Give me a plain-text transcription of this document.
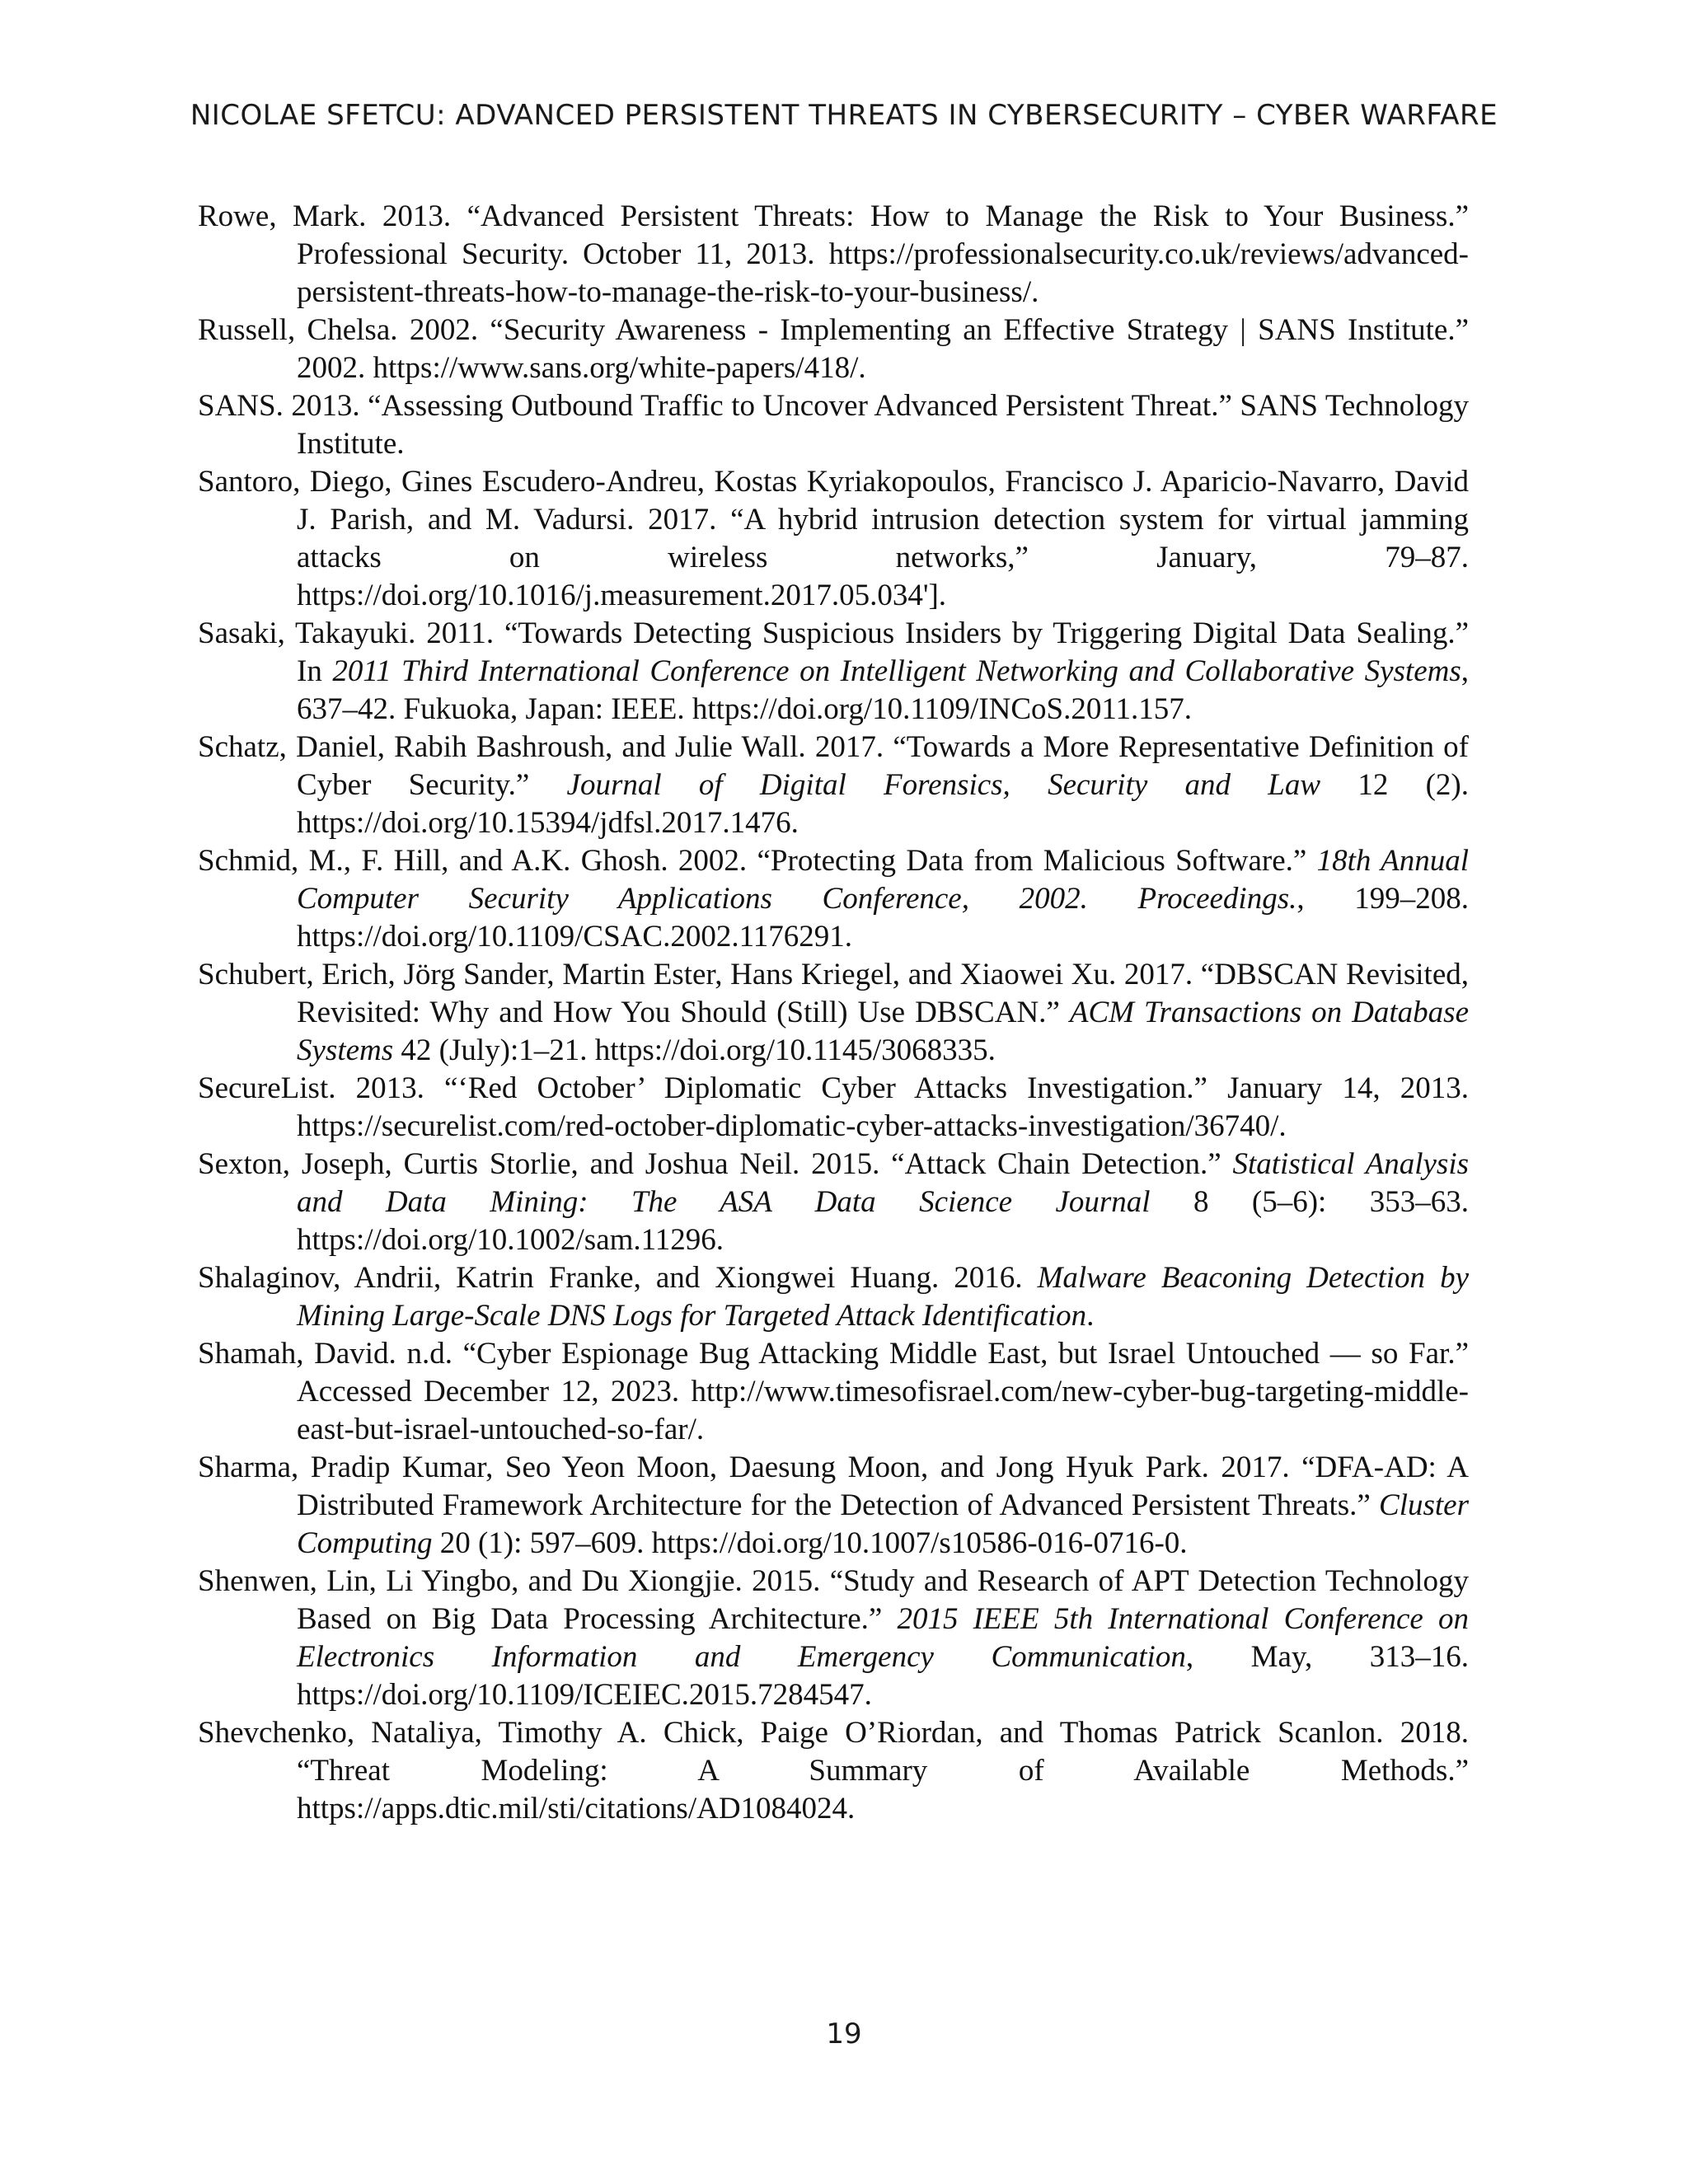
NICOLAE SFETCU: ADVANCED PERSISTENT THREATS IN CYBERSECURITY – CYBER WARFARE

Rowe, Mark. 2013. “Advanced Persistent Threats: How to Manage the Risk to Your Business.” Professional Security. October 11, 2013. https://professionalsecurity.co.uk/reviews/advanced-persistent-threats-how-to-manage-the-risk-to-your-business/.

Russell, Chelsa. 2002. “Security Awareness - Implementing an Effective Strategy | SANS Institute.” 2002. https://www.sans.org/white-papers/418/.

SANS. 2013. “Assessing Outbound Traffic to Uncover Advanced Persistent Threat.” SANS Technology Institute.

Santoro, Diego, Gines Escudero-Andreu, Kostas Kyriakopoulos, Francisco J. Aparicio-Navarro, David J. Parish, and M. Vadursi. 2017. “A hybrid intrusion detection system for virtual jamming attacks on wireless networks,” January, 79–87. https://doi.org/10.1016/j.measurement.2017.05.034'].

Sasaki, Takayuki. 2011. “Towards Detecting Suspicious Insiders by Triggering Digital Data Sealing.” In 2011 Third International Conference on Intelligent Networking and Collaborative Systems, 637–42. Fukuoka, Japan: IEEE. https://doi.org/10.1109/INCoS.2011.157.

Schatz, Daniel, Rabih Bashroush, and Julie Wall. 2017. “Towards a More Representative Definition of Cyber Security.” Journal of Digital Forensics, Security and Law 12 (2). https://doi.org/10.15394/jdfsl.2017.1476.

Schmid, M., F. Hill, and A.K. Ghosh. 2002. “Protecting Data from Malicious Software.” 18th Annual Computer Security Applications Conference, 2002. Proceedings., 199–208. https://doi.org/10.1109/CSAC.2002.1176291.

Schubert, Erich, Jörg Sander, Martin Ester, Hans Kriegel, and Xiaowei Xu. 2017. “DBSCAN Revisited, Revisited: Why and How You Should (Still) Use DBSCAN.” ACM Transactions on Database Systems 42 (July):1–21. https://doi.org/10.1145/3068335.

SecureList. 2013. “‘Red October’ Diplomatic Cyber Attacks Investigation.” January 14, 2013. https://securelist.com/red-october-diplomatic-cyber-attacks-investigation/36740/.

Sexton, Joseph, Curtis Storlie, and Joshua Neil. 2015. “Attack Chain Detection.” Statistical Analysis and Data Mining: The ASA Data Science Journal 8 (5–6): 353–63. https://doi.org/10.1002/sam.11296.

Shalaginov, Andrii, Katrin Franke, and Xiongwei Huang. 2016. Malware Beaconing Detection by Mining Large-Scale DNS Logs for Targeted Attack Identification.

Shamah, David. n.d. “Cyber Espionage Bug Attacking Middle East, but Israel Untouched — so Far.” Accessed December 12, 2023. http://www.timesofisrael.com/new-cyber-bug-targeting-middle-east-but-israel-untouched-so-far/.

Sharma, Pradip Kumar, Seo Yeon Moon, Daesung Moon, and Jong Hyuk Park. 2017. “DFA-AD: A Distributed Framework Architecture for the Detection of Advanced Persistent Threats.” Cluster Computing 20 (1): 597–609. https://doi.org/10.1007/s10586-016-0716-0.

Shenwen, Lin, Li Yingbo, and Du Xiongjie. 2015. “Study and Research of APT Detection Technology Based on Big Data Processing Architecture.” 2015 IEEE 5th International Conference on Electronics Information and Emergency Communication, May, 313–16. https://doi.org/10.1109/ICEIEC.2015.7284547.

Shevchenko, Nataliya, Timothy A. Chick, Paige O’Riordan, and Thomas Patrick Scanlon. 2018. “Threat Modeling: A Summary of Available Methods.” https://apps.dtic.mil/sti/citations/AD1084024.

19
